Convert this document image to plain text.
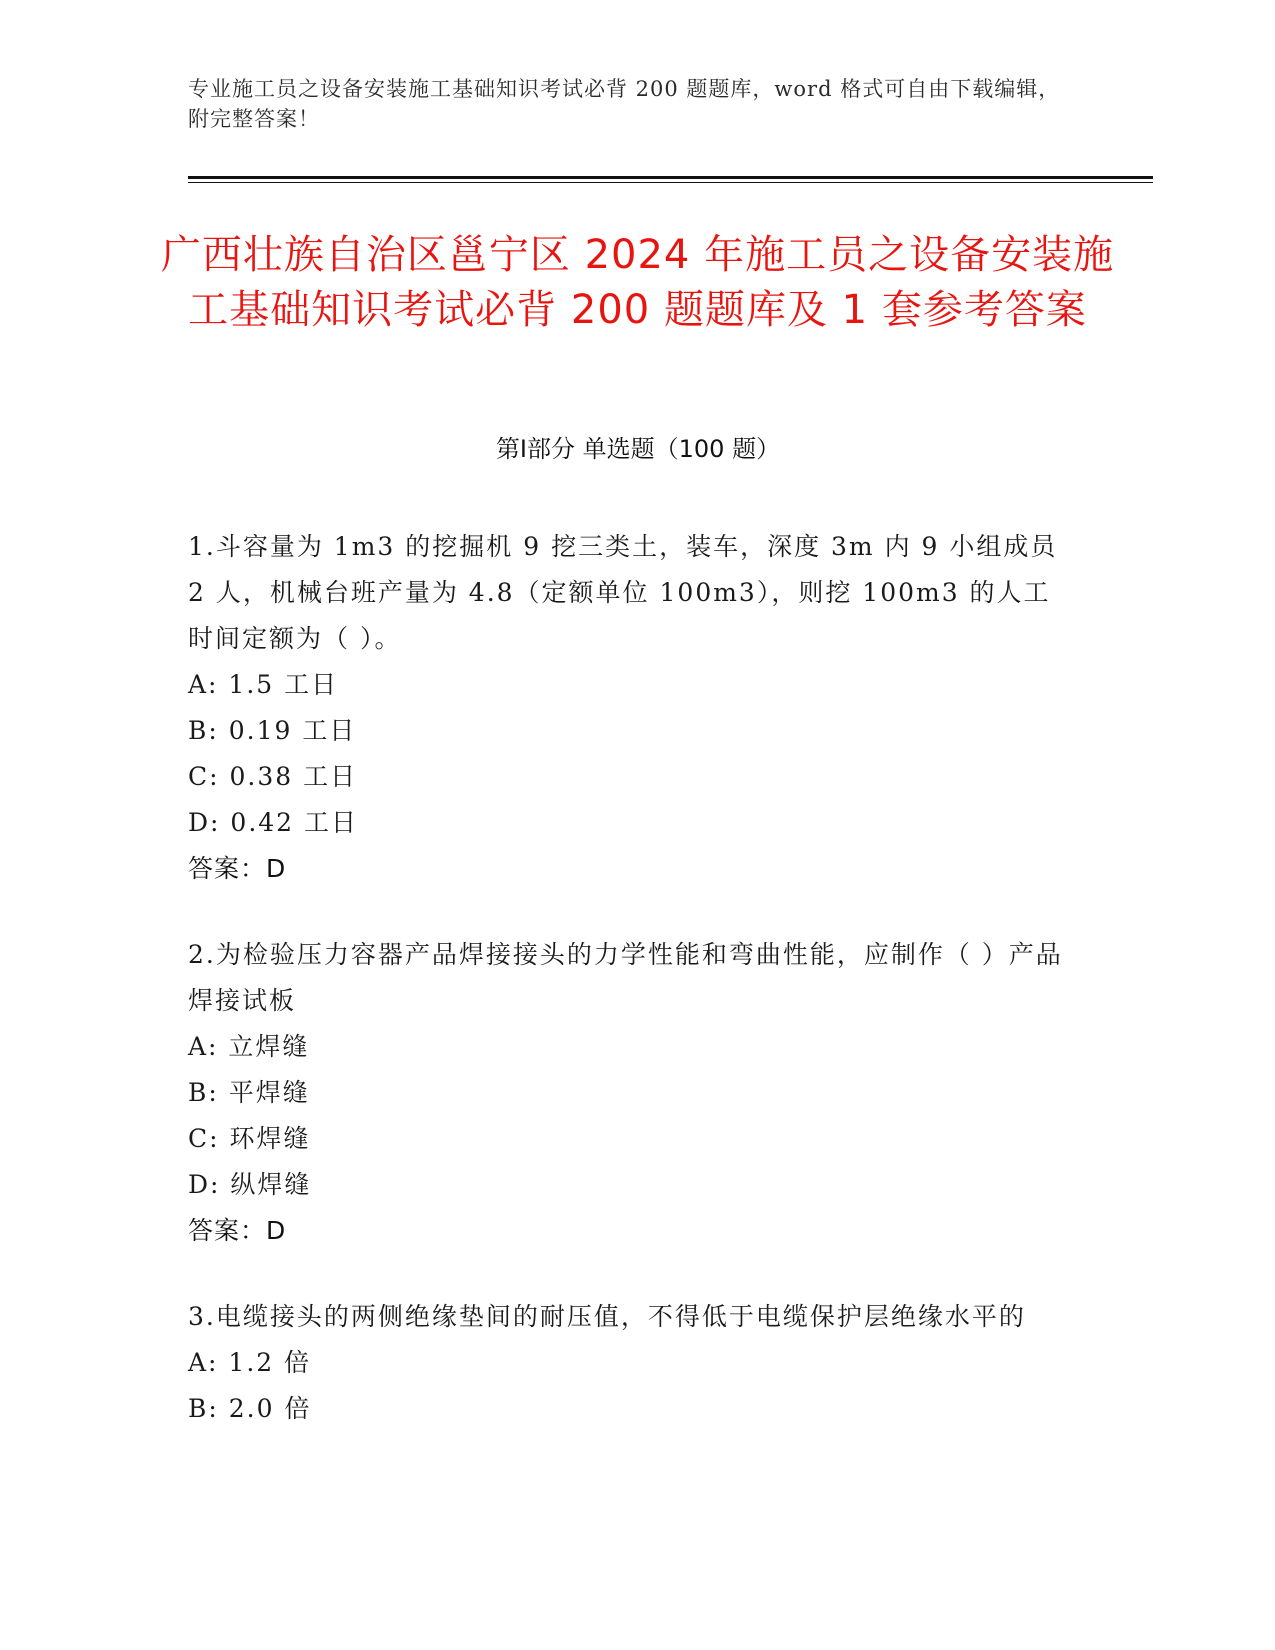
专业施工员之设备安装施工基础知识考试必背 200 题题库，word 格式可自由下载编辑，附完整答案！
广西壮族自治区邕宁区 2024 年施工员之设备安装施工基础知识考试必背 200 题题库及 1 套参考答案
第Ⅰ部分 单选题（100 题）

1.斗容量为 1m3 的挖掘机 9 挖三类土，装车，深度 3m 内 9 小组成员 2 人，机械台班产量为 4.8（定额单位 100m3），则挖 100m3 的人工时间定额为（ ）。

A: 1.5 工日

B: 0.19 工日

C: 0.38 工日

D: 0.42 工日

答案：D

2.为检验压力容器产品焊接接头的力学性能和弯曲性能，应制作（ ）产品焊接试板

A: 立焊缝

B: 平焊缝

C: 环焊缝

D: 纵焊缝

答案：D

3.电缆接头的两侧绝缘垫间的耐压值，不得低于电缆保护层绝缘水平的

A: 1.2 倍

B: 2.0 倍
